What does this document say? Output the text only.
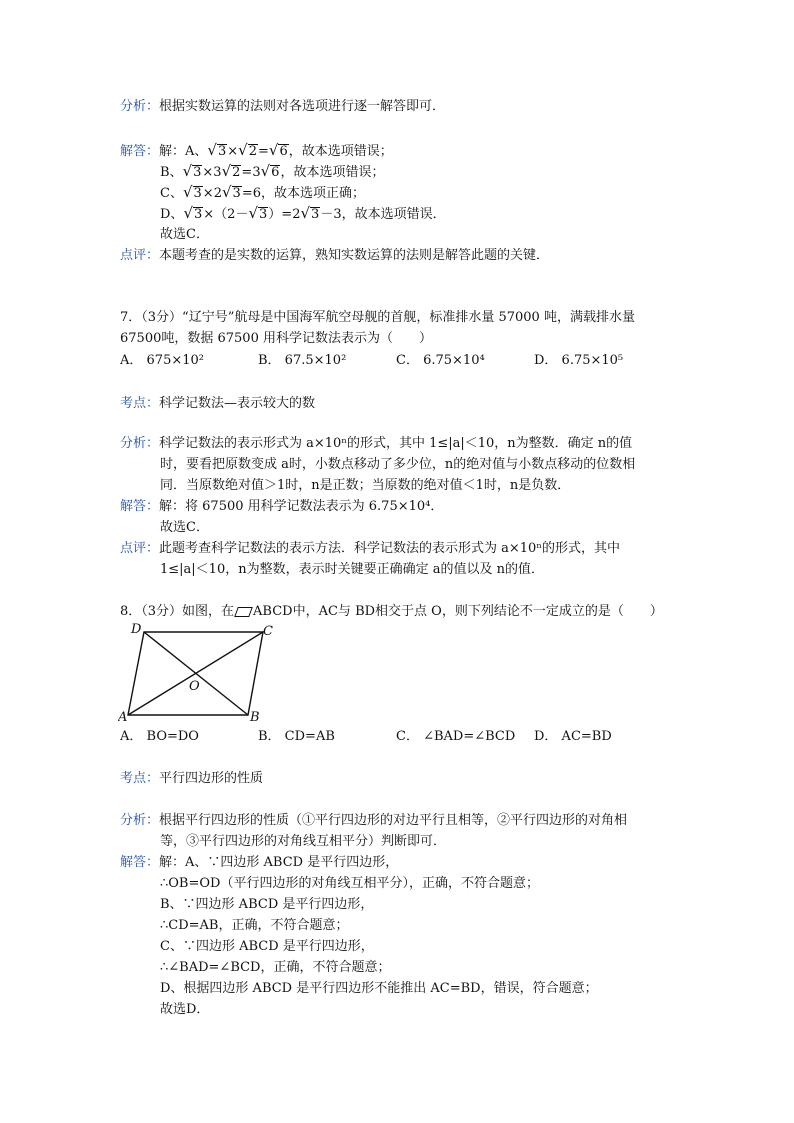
分析：根据实数运算的法则对各选项进行逐一解答即可．
解答：解：A、 √ 3× √ 2= √ 6，故本选项错误；
B、 √ 3×3 √ 2=3 √ 6，故本选项错误；
C、 √ 3×2 √ 3=6，故本选项正确；
D、 √ 3×（2－ √ 3）=2 √ 3－3，故本选项错误．
故选C．
点评：本题考查的是实数的运算，熟知实数运算的法则是解答此题的关键．
7．（3分）“辽宁号”航母是中国海军航空母舰的首舰，标准排水量 57000 吨，满载排水量
67500吨，数据 67500 用科学记数法表示为（　　）
A． 675×10²	B． 67.5×10²	C． 6.75×10⁴	D． 6.75×10⁵
考点：科学记数法—表示较大的数
分析：科学记数法的表示形式为 a×10ⁿ的形式，其中 1≤|a|＜10，n为整数．确定 n的值
时，要看把原数变成 a时，小数点移动了多少位，n的绝对值与小数点移动的位数相
同．当原数绝对值＞1时，n是正数；当原数的绝对值＜1时，n是负数．
解答：解：将 67500 用科学记数法表示为 6.75×10⁴．
故选C．
点评：此题考查科学记数法的表示方法．科学记数法的表示形式为 a×10ⁿ的形式，其中
1≤|a|＜10，n为整数，表示时关键要正确确定 a的值以及 n的值．
8．（3分）如图，在 ABCD中，AC与 BD相交于点 O，则下列结论不一定成立的是（　　）
D	C
A	B
O
A． BO=DO	B． CD=AB	C． ∠BAD=∠BCD D． AC=BD
考点：平行四边形的性质
分析：根据平行四边形的性质（①平行四边形的对边平行且相等，②平行四边形的对角相
等，③平行四边形的对角线互相平分）判断即可．
解答：解：A、∵四边形 ABCD 是平行四边形，
∴OB=OD（平行四边形的对角线互相平分），正确，不符合题意；
B、∵四边形 ABCD 是平行四边形，
∴CD=AB，正确，不符合题意；
C、∵四边形 ABCD 是平行四边形，
∴∠BAD=∠BCD，正确，不符合题意；
D、根据四边形 ABCD 是平行四边形不能推出 AC=BD，错误，符合题意；
故选D．
